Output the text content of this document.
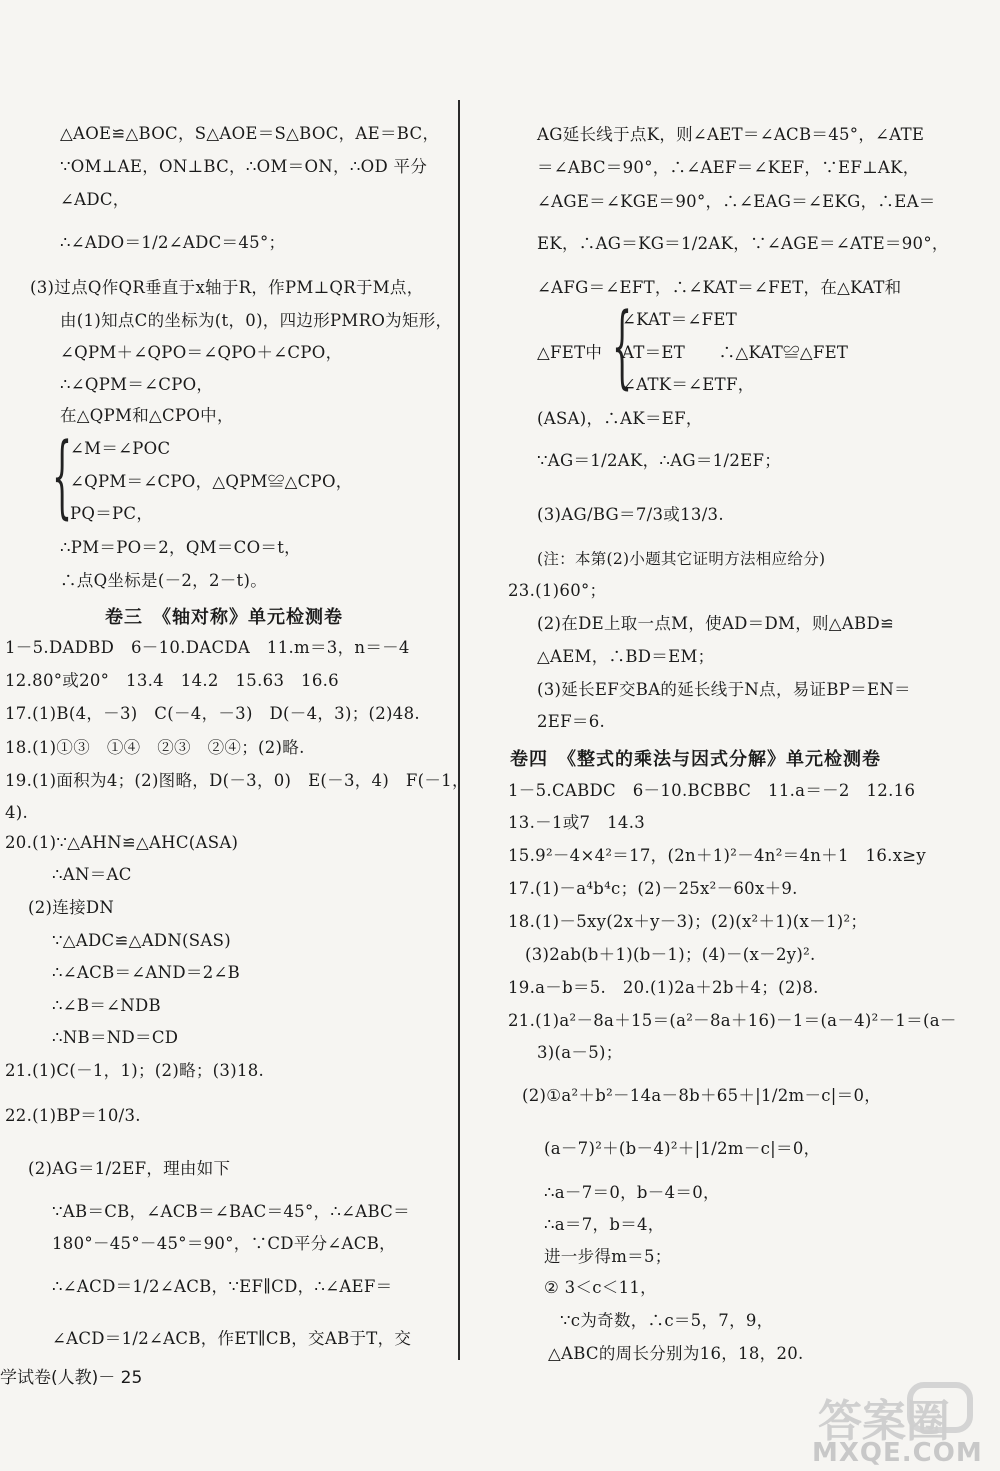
△AOE≌△BOC，S△AOE＝S△BOC，AE＝BC，
∵OM⊥AE，ON⊥BC，∴OM＝ON，∴OD 平分
∠ADC，
∴∠ADO＝1/2∠ADC＝45°；
(3)过点Q作QR垂直于x轴于R，作PM⊥QR于M点，
由(1)知点C的坐标为(t，0)，四边形PMRO为矩形，
∠QPM＋∠QPO＝∠QPO＋∠CPO，
∴∠QPM＝∠CPO，
在△QPM和△CPO中，
{
∠M＝∠POC
∠QPM＝∠CPO，△QPM≌△CPO，
PQ＝PC，
∴PM＝PO＝2，QM＝CO＝t，
∴点Q坐标是(－2，2－t)。
卷三　《轴对称》单元检测卷
1－5.DADBD　6－10.DACDA　11.m＝3，n＝－4
12.80°或20°　13.4　14.2　15.63　16.6
17.(1)B(4，－3)　C(－4，－3)　D(－4，3)；(2)48.
18.(1)①③　①④　②③　②④；(2)略.
19.(1)面积为4；(2)图略，D(－3，0)　E(－3，4)　F(－1，
4).
20.(1)∵△AHN≌△AHC(ASA)
∴AN＝AC
(2)连接DN
∵△ADC≌△ADN(SAS)
∴∠ACB＝∠AND＝2∠B
∴∠B＝∠NDB
∴NB＝ND＝CD
21.(1)C(－1，1)；(2)略；(3)18.
22.(1)BP＝10/3.
(2)AG＝1/2EF，理由如下
∵AB＝CB，∠ACB＝∠BAC＝45°，∴∠ABC＝
180°－45°－45°＝90°，∵CD平分∠ACB，
∴∠ACD＝1/2∠ACB，∵EF∥CD，∴∠AEF＝
∠ACD＝1/2∠ACB，作ET∥CB，交AB于T，交
AG延长线于点K，则∠AET＝∠ACB＝45°，∠ATE
＝∠ABC＝90°，∴∠AEF＝∠KEF，∵EF⊥AK，
∠AGE＝∠KGE＝90°，∴∠EAG＝∠EKG，∴EA＝
EK，∴AG＝KG＝1/2AK，∵∠AGE＝∠ATE＝90°，
∠AFG＝∠EFT，∴∠KAT＝∠FET，在△KAT和
{
∠KAT＝∠FET
△FET中 AT＝ET　　∴△KAT≌△FET
∠ATK＝∠ETF，
(ASA)，∴AK＝EF，
∵AG＝1/2AK，∴AG＝1/2EF；
(3)AG/BG＝7/3或13/3.
(注：本第(2)小题其它证明方法相应给分)
23.(1)60°；
(2)在DE上取一点M，使AD＝DM，则△ABD≌
△AEM，∴BD＝EM；
(3)延长EF交BA的延长线于N点，易证BP＝EN＝
2EF＝6.
卷四　《整式的乘法与因式分解》单元检测卷
1－5.CABDC　6－10.BCBBC　11.a＝－2　12.16
13.－1或7　14.3
15.9²－4×4²＝17，(2n＋1)²－4n²＝4n＋1　16.x≥y
17.(1)－a⁴b⁴c；(2)－25x²－60x＋9.
18.(1)－5xy(2x＋y－3)；(2)(x²＋1)(x－1)²；
(3)2ab(b＋1)(b－1)；(4)－(x－2y)².
19.a－b＝5.　20.(1)2a＋2b＋4；(2)8.
21.(1)a²－8a＋15＝(a²－8a＋16)－1＝(a－4)²－1＝(a－
3)(a－5)；
(2)①a²＋b²－14a－8b＋65＋|1/2m－c|＝0，
(a－7)²＋(b－4)²＋|1/2m－c|＝0，
∴a－7＝0，b－4＝0，
∴a＝7，b＝4，
进一步得m＝5；
② 3＜c＜11，
∵c为奇数，∴c＝5，7，9，
△ABC的周长分别为16，18，20.
学试卷(人教)－ 25
答案圈
MXQE.COM
